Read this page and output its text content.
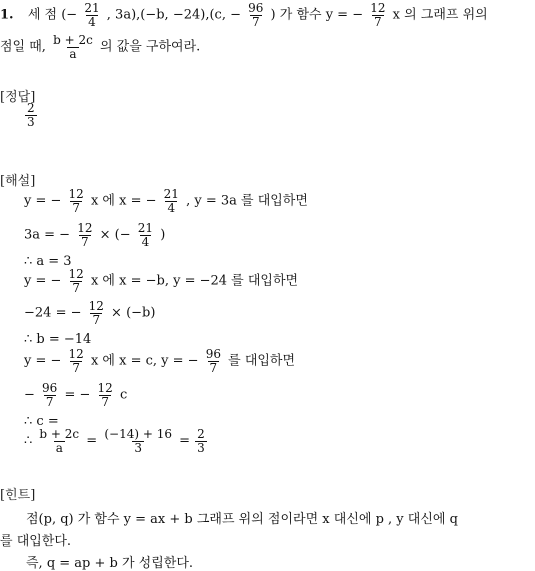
1. 세 점 (− $\frac{21}{4}$ , 3a),(−b, −24),(c, − $\frac{96}{7}$ ) 가 함수 y = − $\frac{12}{7}$ x 의 그래프 위의
점일 때, $\frac{b + 2c}{a}$ 의 값을 구하여라.
[정답]
$\frac{2}{3}$
[해설]
y = − $\frac{12}{7}$ x 에 x = − $\frac{21}{4}$ , y = 3a 를 대입하면
3a = − $\frac{12}{7}$ × (− $\frac{21}{4}$ )
∴ a = 3
y = − $\frac{12}{7}$ x 에 x = −b, y = −24 를 대입하면
−24 = − $\frac{12}{7} \times (-b)$
∴ b = −14
y = − $\frac{12}{7}$ x 에 x = c, y = − $\frac{96}{7}$ 를 대입하면
− $\frac{96}{7}$ = − $\frac{12}{7}$ c
∴ c =
∴ $\frac{b + 2c}{a} = \frac{(-14) + 16}{3} = \frac{2}{3}$
[힌트]
점(p, q) 가 함수 y = ax + b 그래프 위의 점이라면 x 대신에 p , y 대신에 q
를 대입한다.
즉, q = ap + b 가 성립한다.
